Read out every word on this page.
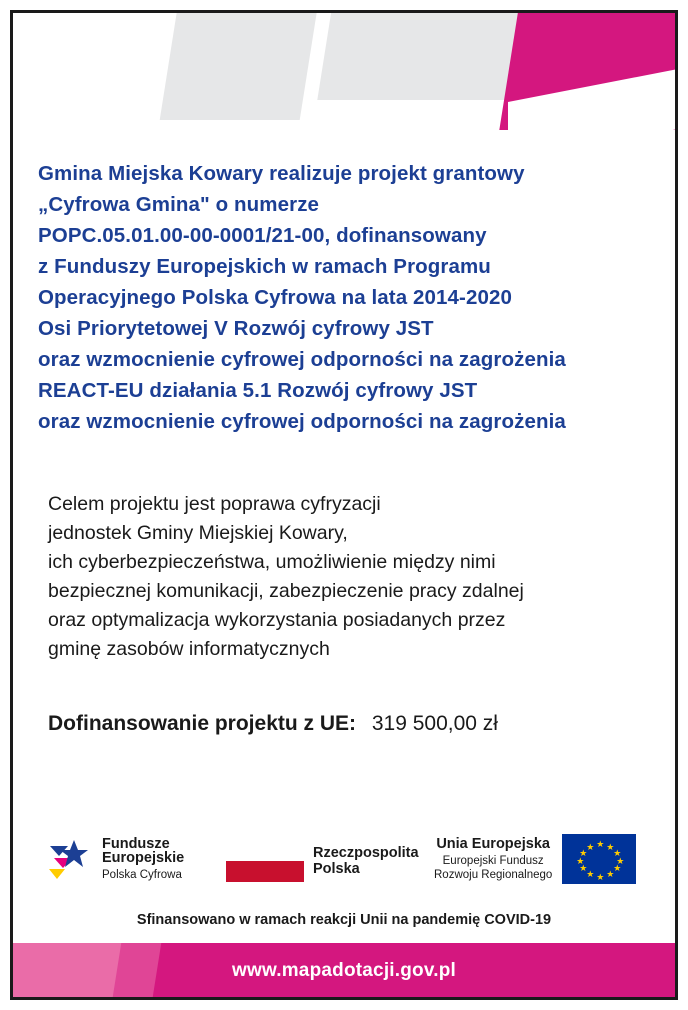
Gmina Miejska Kowary realizuje projekt grantowy
„Cyfrowa Gmina" o numerze
POPC.05.01.00-00-0001/21-00, dofinansowany
z Funduszy Europejskich w ramach Programu
Operacyjnego Polska Cyfrowa na lata 2014-2020
Osi Priorytetowej V Rozwój cyfrowy JST
oraz wzmocnienie cyfrowej odporności na zagrożenia
REACT-EU działania 5.1 Rozwój cyfrowy JST
oraz wzmocnienie cyfrowej odporności na zagrożenia
Celem projektu jest poprawa cyfryzacji
jednostek Gminy Miejskiej Kowary,
ich cyberbezpieczeństwa, umożliwienie między nimi
bezpiecznej komunikacji, zabezpieczenie pracy zdalnej
oraz optymalizacja wykorzystania posiadanych przez
gminę zasobów informatycznych
Dofinansowanie projektu z UE: 319 500,00 zł
Fundusze
Europejskie
Polska Cyfrowa
Rzeczpospolita
Polska
Unia Europejska
Europejski Fundusz
Rozwoju Regionalnego
★
★ ★
★	★
★	★
★	★
★ ★
★
Sfinansowano w ramach reakcji Unii na pandemię COVID-19
www.mapadotacji.gov.pl
